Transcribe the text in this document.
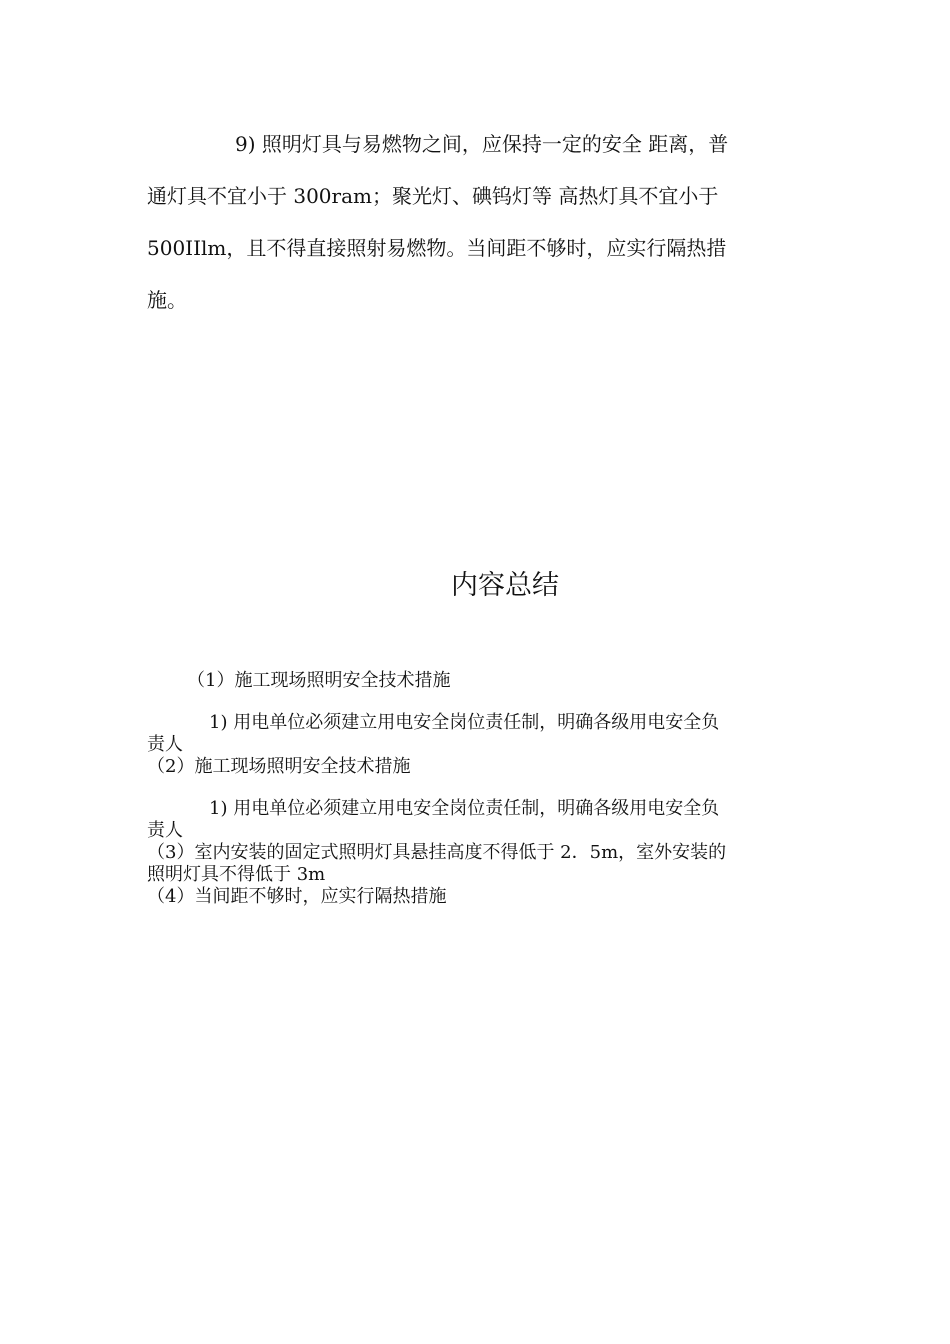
9) 照明灯具与易燃物之间，应保持一定的安全 距离，普
通灯具不宜小于 300ram；聚光灯、碘钨灯等 高热灯具不宜小于
500IIlm，且不得直接照射易燃物。当间距不够时，应实行隔热措
施。
内容总结
（1）施工现场照明安全技术措施
1) 用电单位必须建立用电安全岗位责任制，明确各级用电安全负
责人
（2）施工现场照明安全技术措施
1) 用电单位必须建立用电安全岗位责任制，明确各级用电安全负
责人
（3）室内安装的固定式照明灯具悬挂高度不得低于 2．5m，室外安装的
照明灯具不得低于 3m
（4）当间距不够时，应实行隔热措施
